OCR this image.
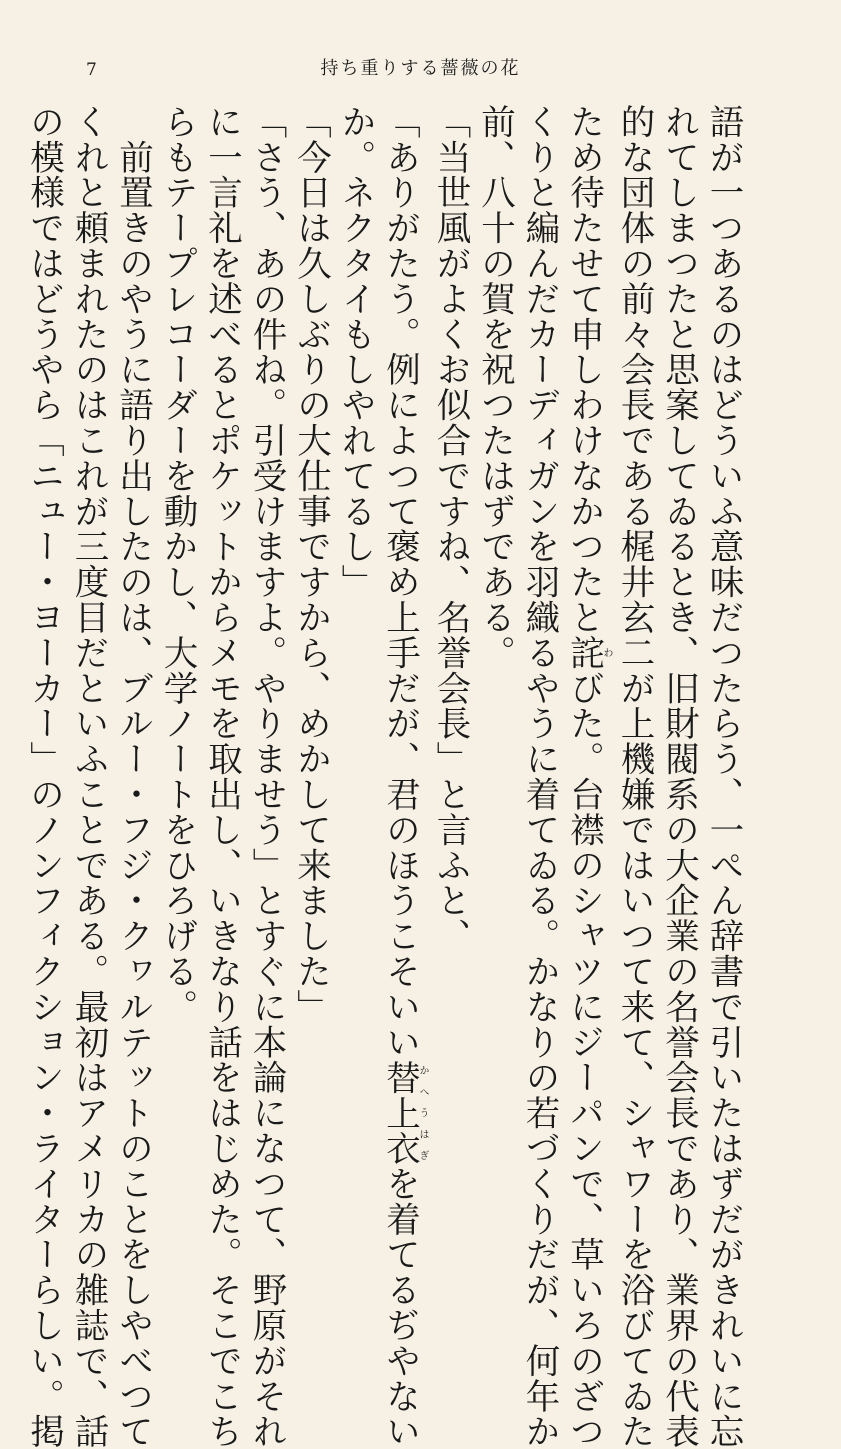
7	持ち重りする薔薇の花
語が一つあるのはどういふ意味だつたらう、一ぺん辞書で引いたはずだがきれいに忘
れてしまつたと思案してゐるとき、旧財閥系の大企業の名誉会長であり、業界の代表
的な団体の前々会長である梶井玄二が上機嫌ではいつて来て、シャワーを浴びてゐた
ため待たせて申しわけなかつたと詫わびた。台襟のシャツにジーパンで、草いろのざつ
くりと編んだカーディガンを羽織るやうに着てゐる。かなりの若づくりだが、何年か
前、八十の賀を祝つたはずである。
「当世風がよくお似合ですね、名誉会長」と言ふと、
「ありがたう。例によつて褒め上手だが、君のほうこそいい替上衣かへうはぎを着てるぢやない
か。ネクタイもしやれてるし」
「今日は久しぶりの大仕事ですから、めかして来ました」
「さう、あの件ね。引受けますよ。やりませう」とすぐに本論になつて、野原がそれ
に一言礼を述べるとポケットからメモを取出し、いきなり話をはじめた。そこでこち
らもテープレコーダーを動かし、大学ノートをひろげる。
　前置きのやうに語り出したのは、ブルー・フジ・クヮルテットのことをしやべつて
くれと頼まれたのはこれが三度目だといふことである。最初はアメリカの雑誌で、話
の模様ではどうやら「ニュー・ヨーカー」のノンフィクション・ライターらしい。掲
